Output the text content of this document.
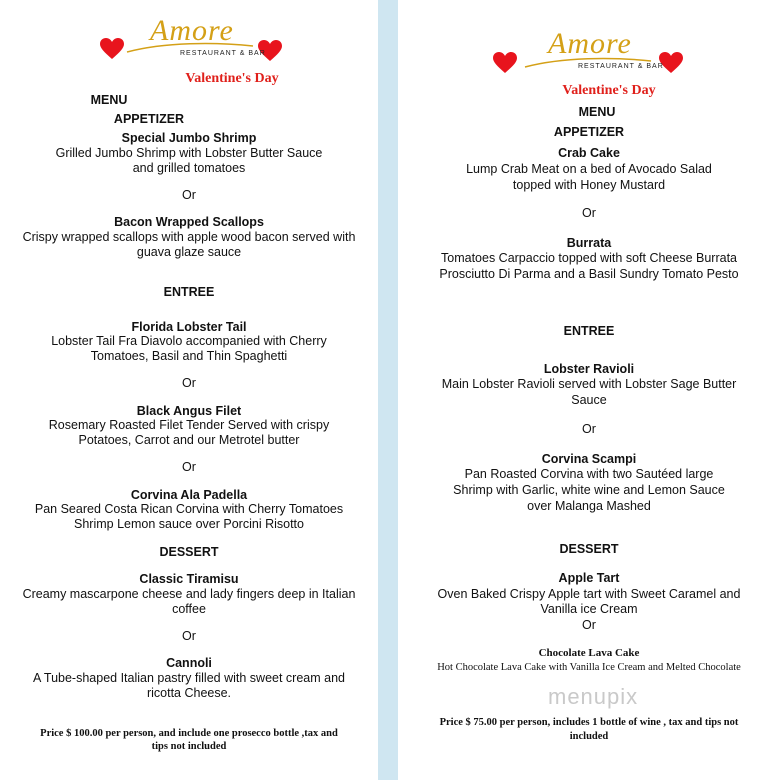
Amore
RESTAURANT & BAR
Valentine's Day
MENU
APPETIZER
Special Jumbo Shrimp
Grilled Jumbo Shrimp with Lobster Butter Sauce
and grilled tomatoes
Or
Bacon Wrapped Scallops
Crispy wrapped scallops with apple wood bacon served with
guava glaze sauce
ENTREE
Florida Lobster Tail
Lobster Tail Fra Diavolo accompanied with Cherry
Tomatoes, Basil and Thin Spaghetti
Or
Black Angus Filet
Rosemary Roasted Filet Tender Served with crispy
Potatoes, Carrot and our Metrotel butter
Or
Corvina Ala Padella
Pan Seared Costa Rican Corvina with Cherry Tomatoes
Shrimp Lemon sauce over Porcini Risotto
DESSERT
Classic Tiramisu
Creamy mascarpone cheese and lady fingers deep in Italian
coffee
Or
Cannoli
A Tube-shaped Italian pastry filled with sweet cream and
ricotta Cheese.
Price $ 100.00 per person, and include one prosecco bottle ,tax and
tips not included
Amore
RESTAURANT & BAR
Valentine's Day
MENU
APPETIZER
Crab Cake
Lump Crab Meat on a bed of Avocado Salad
topped with Honey Mustard
Or
Burrata
Tomatoes Carpaccio topped with soft Cheese Burrata
Prosciutto Di Parma and a Basil Sundry Tomato Pesto
ENTREE
Lobster Ravioli
Main Lobster Ravioli served with Lobster Sage Butter
Sauce
Or
Corvina Scampi
Pan Roasted Corvina with two Sautéed large
Shrimp with Garlic, white wine and Lemon Sauce
over Malanga Mashed
DESSERT
Apple Tart
Oven Baked Crispy Apple tart with Sweet Caramel and
Vanilla ice Cream
Or
Chocolate Lava Cake
Hot Chocolate Lava Cake with Vanilla Ice Cream and Melted Chocolate
menupix
Price $ 75.00 per person, includes 1 bottle of wine , tax and tips not
included
